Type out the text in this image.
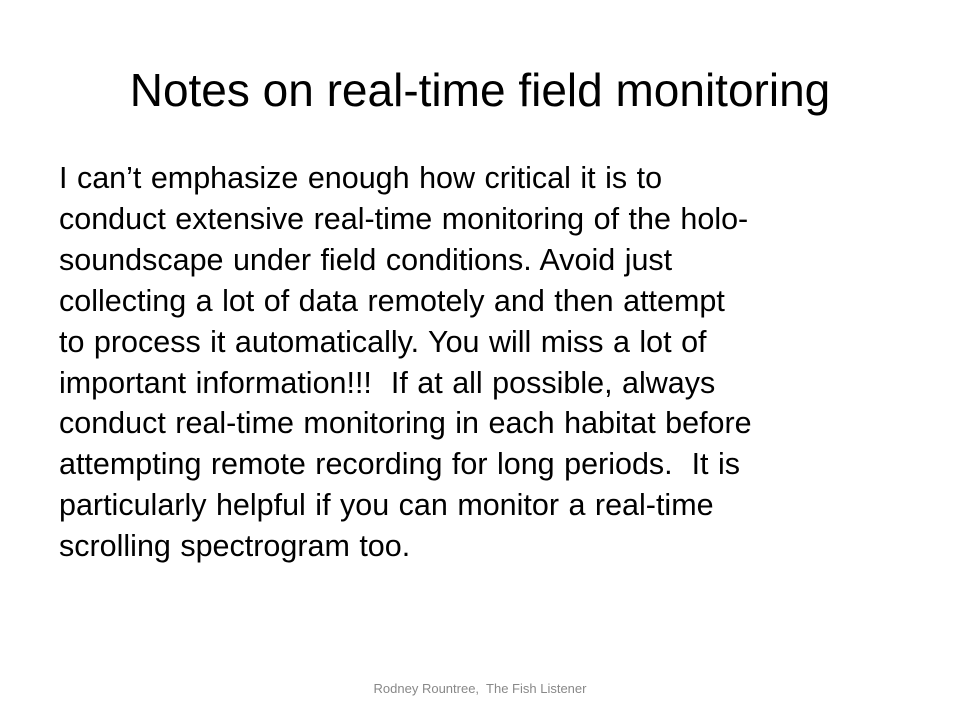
Notes on real-time field monitoring
I can’t emphasize enough how critical it is to
conduct extensive real-time monitoring of the holo-
soundscape under field conditions. Avoid just
collecting a lot of data remotely and then attempt
to process it automatically. You will miss a lot of
important information!!!  If at all possible, always
conduct real-time monitoring in each habitat before
attempting remote recording for long periods.  It is
particularly helpful if you can monitor a real-time
scrolling spectrogram too.
Rodney Rountree,  The Fish Listener
